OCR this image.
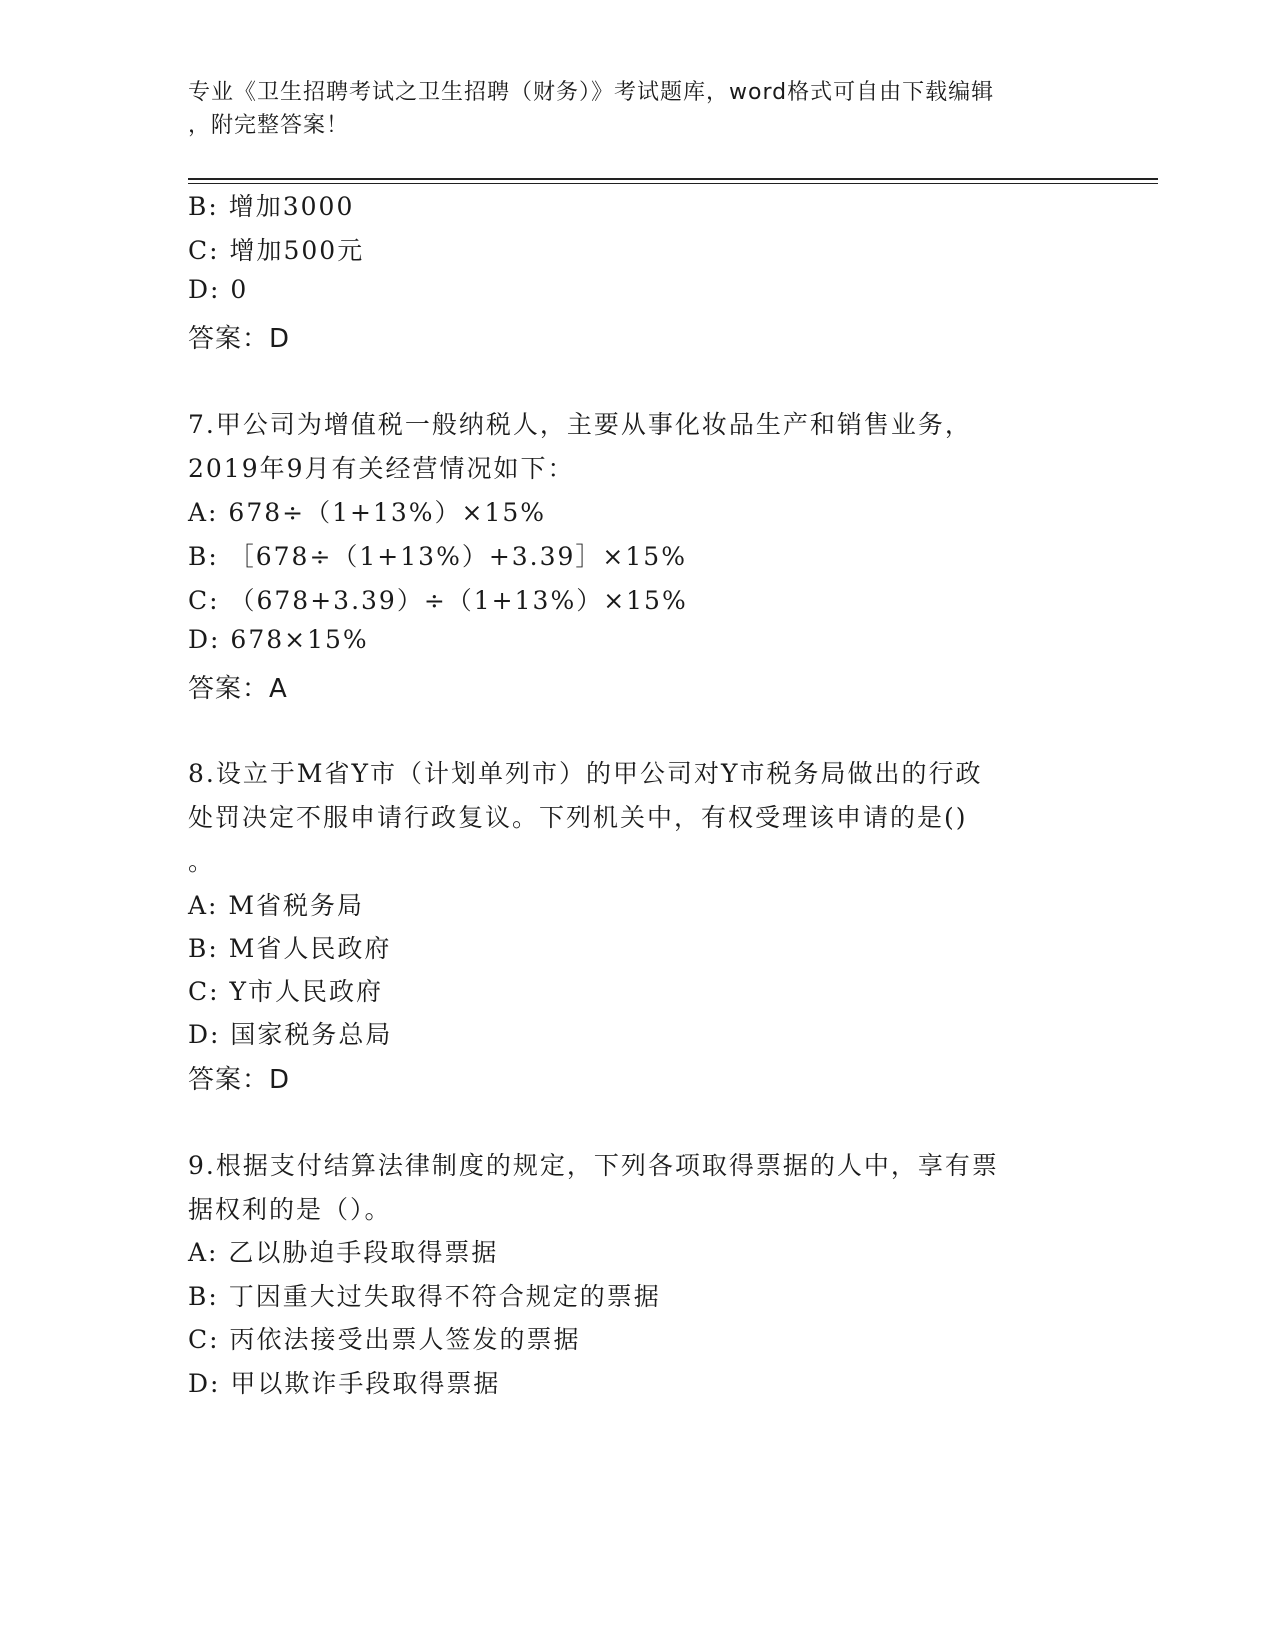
专业《卫生招聘考试之卫生招聘（财务）》考试题库，word格式可自由下载编辑
，附完整答案！
B: 增加3000
C: 增加500元
D: 0
答案：D
7.甲公司为增值税一般纳税人，主要从事化妆品生产和销售业务，
2019年9月有关经营情况如下：
A: 678÷（1+13%）×15%
B: ［678÷（1+13%）+3.39］×15%
C: （678+3.39）÷（1+13%）×15%
D: 678×15%
答案：A
8.设立于M省Y市（计划单列市）的甲公司对Y市税务局做出的行政
处罚决定不服申请行政复议。下列机关中，有权受理该申请的是()
。
A: M省税务局
B: M省人民政府
C: Y市人民政府
D: 国家税务总局
答案：D
9.根据支付结算法律制度的规定，下列各项取得票据的人中，享有票
据权利的是（）。
A: 乙以胁迫手段取得票据
B: 丁因重大过失取得不符合规定的票据
C: 丙依法接受出票人签发的票据
D: 甲以欺诈手段取得票据
